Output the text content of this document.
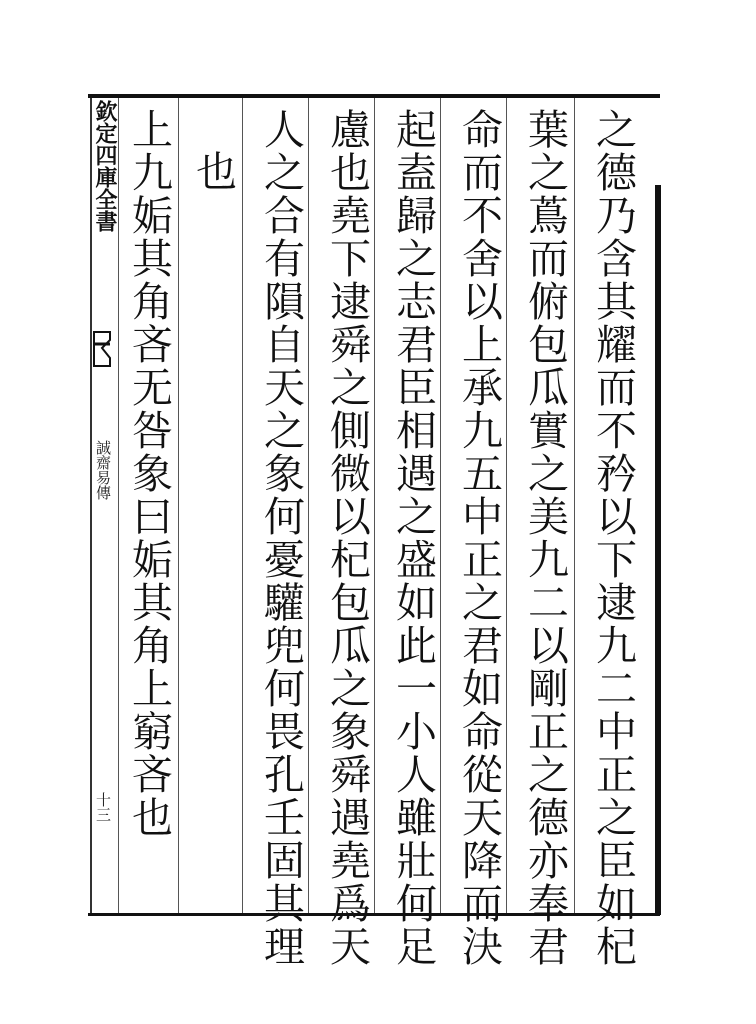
欽定四庫全書
誠齋易傳
十三	之德乃含其耀而不矜以下逮九二中正之臣如杞
葉之蔦而俯包瓜實之美九二以剛正之德亦奉君
命而不舍以上承九五中正之君如命從天降而決
起盍歸之志君臣相遇之盛如此一小人雖壯何足
慮也堯下逮舜之側微以杞包瓜之象舜遇堯爲天
人之合有隕自天之象何憂驩兜何畏孔壬固其理
也
上九姤其角吝无咎象曰姤其角上窮吝也
